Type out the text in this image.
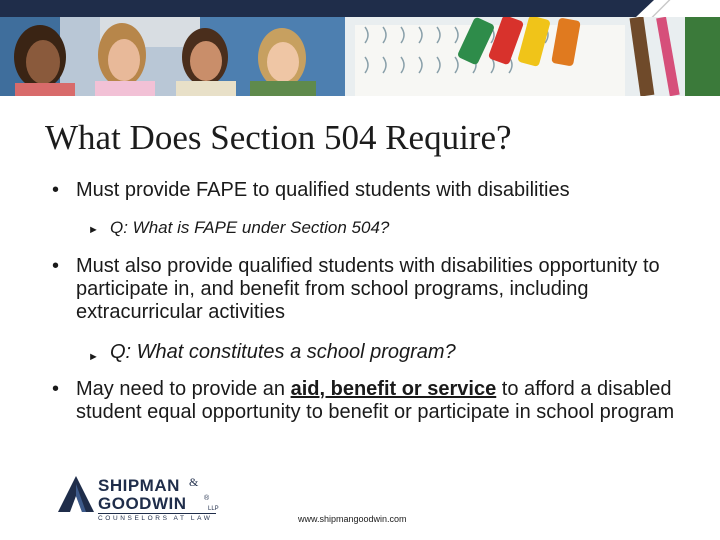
What Does Section 504 Require?

• Must provide FAPE to qualified students with disabilities

► Q: What is FAPE under Section 504?

• Must also provide qualified students with disabilities opportunity to participate in, and benefit from school programs, including extracurricular activities

► Q: What constitutes a school program?

• May need to provide an aid, benefit or service to afford a disabled student equal opportunity to benefit or participate in school program

SHIPMAN &
GOODWIN	®
LLP
COUNSELORS AT LAW	www.shipmangoodwin.com
